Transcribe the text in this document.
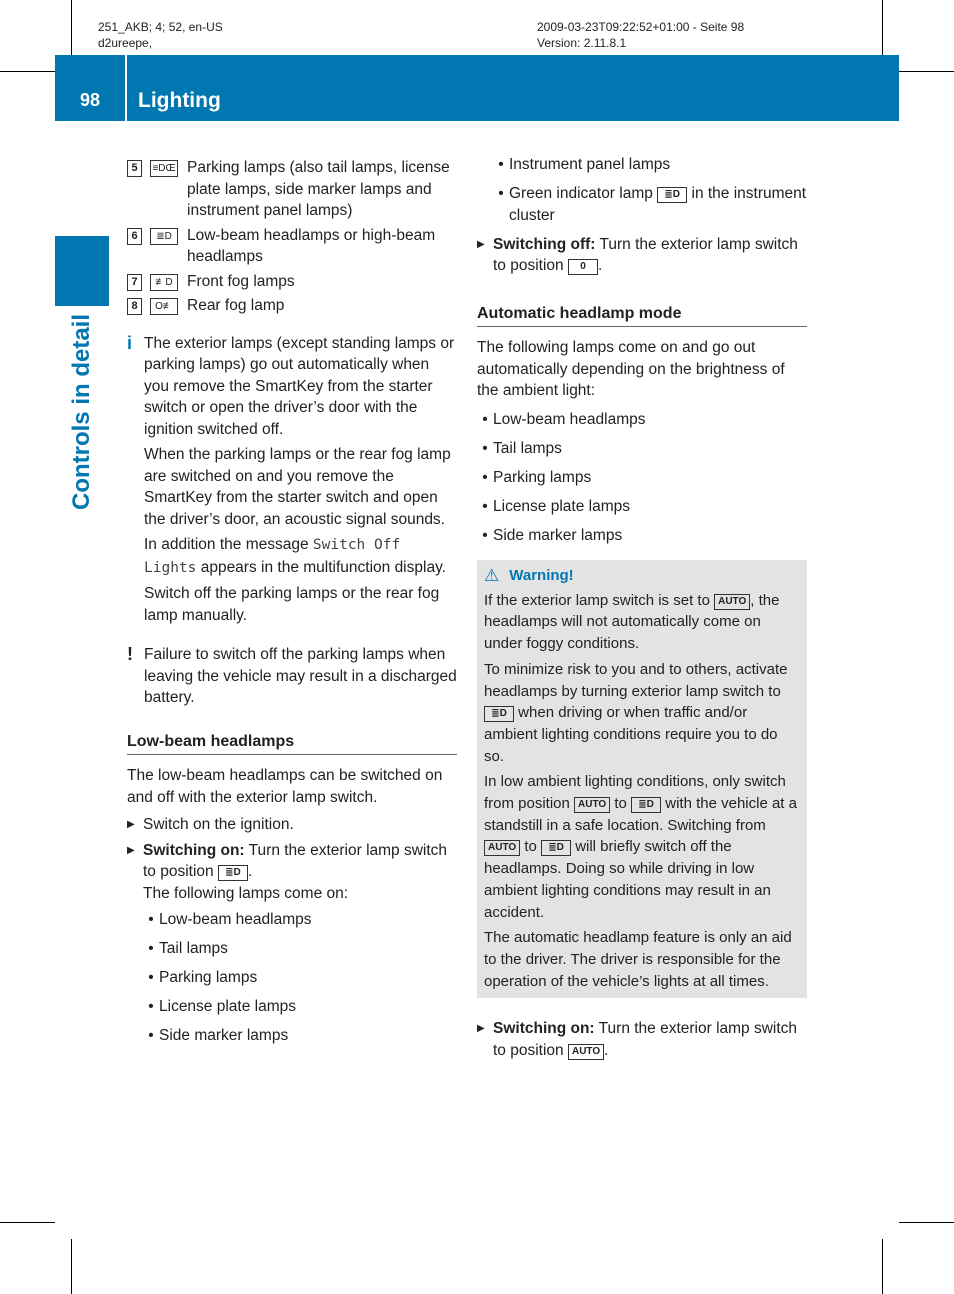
251_AKB; 4; 52, en-US
d2ureepe,
2009-03-23T09:22:52+01:00 - Seite 98
Version: 2.11.8.1
98	Lighting
Controls in detail
5	≡DŒ Parking lamps (also tail lamps, license plate lamps, side marker lamps and instrument panel lamps)
6	≣D Low-beam headlamps or high-beam headlamps
7	≢D Front fog lamps
8	O≢ Rear fog lamp
i The exterior lamps (except standing lamps or parking lamps) go out automatically when you remove the SmartKey from the starter switch or open the driver’s door with the ignition switched off.

When the parking lamps or the rear fog lamp are switched on and you remove the SmartKey from the starter switch and open the driver’s door, an acoustic signal sounds.

In addition the message Switch Off Lights appears in the multifunction display.

Switch off the parking lamps or the rear fog lamp manually.

! Failure to switch off the parking lamps when leaving the vehicle may result in a discharged battery.
Low-beam headlamps

The low-beam headlamps can be switched on and off with the exterior lamp switch.

▶ Switch on the ignition.
▶ Switching on: Turn the exterior lamp switch to position ≣D .
The following lamps come on:
• Low-beam headlamps
• Tail lamps
• Parking lamps
• License plate lamps
• Side marker lamps
• Instrument panel lamps
• Green indicator lamp ≣D in the instrument cluster
▶ Switching off: Turn the exterior lamp switch to position 0 .
Automatic headlamp mode

The following lamps come on and go out automatically depending on the brightness of the ambient light:

• Low-beam headlamps
• Tail lamps
• Parking lamps
• License plate lamps
• Side marker lamps
⚠ Warning!

If the exterior lamp switch is set to AUTO , the headlamps will not automatically come on under foggy conditions.

To minimize risk to you and to others, activate headlamps by turning exterior lamp switch to ≣D when driving or when traffic and/or ambient lighting conditions require you to do so.

In low ambient lighting conditions, only switch from position AUTO to ≣D with the vehicle at a standstill in a safe location. Switching from AUTO to ≣D will briefly switch off the headlamps. Doing so while driving in low ambient lighting conditions may result in an accident.

The automatic headlamp feature is only an aid to the driver. The driver is responsible for the operation of the vehicle’s lights at all times.

▶ Switching on: Turn the exterior lamp switch to position AUTO .
